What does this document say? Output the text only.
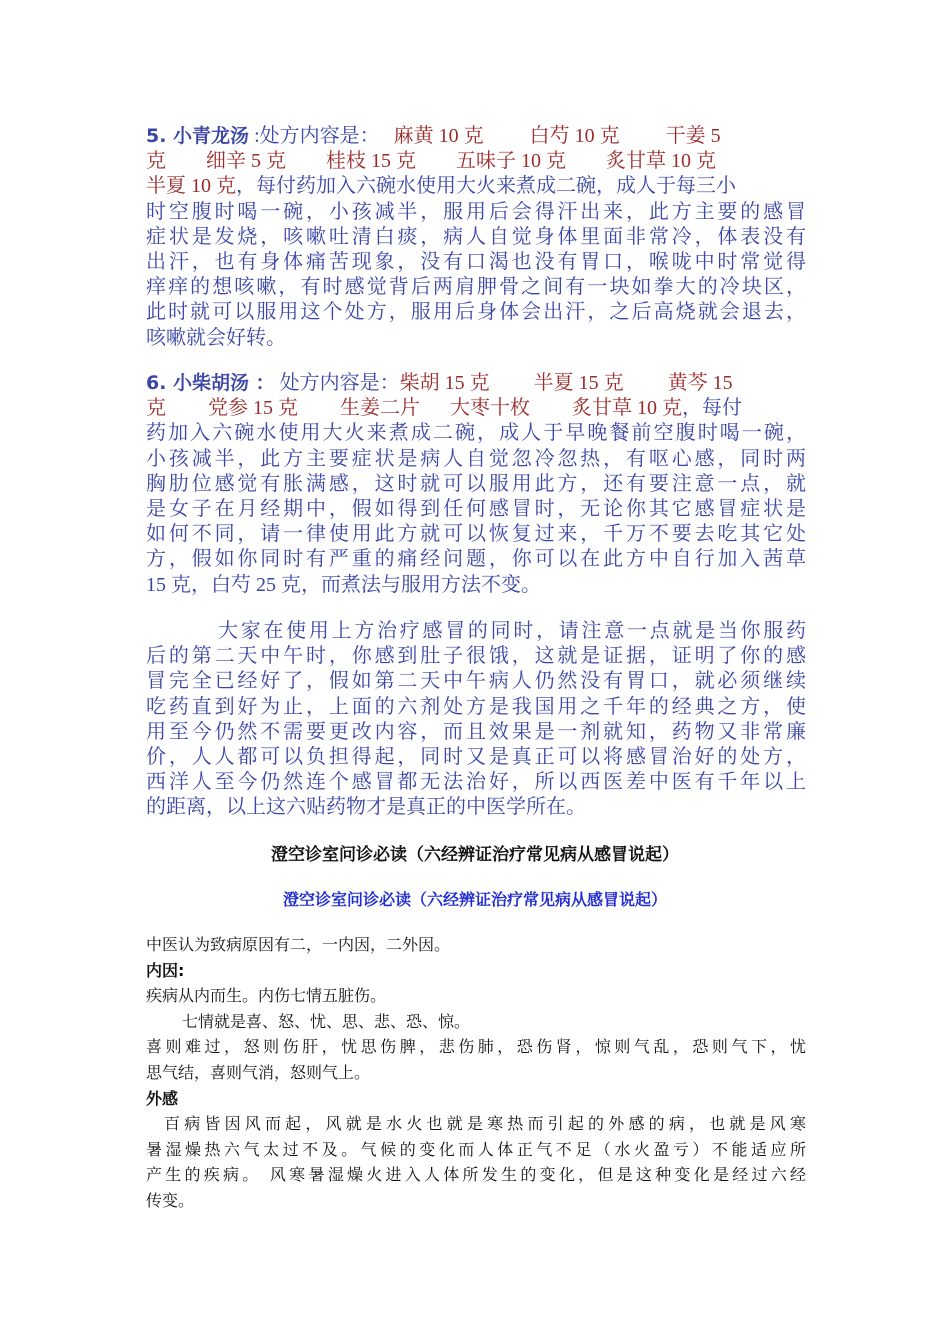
5. 小青龙汤 :处方内容是： 麻黄 10 克 白芍 10 克 干姜 5
克 细辛 5 克 桂枝 15 克 五味子 10 克 炙甘草 10 克
半夏 10 克，每付药加入六碗水使用大火来煮成二碗，成人于每三小
时空腹时喝一碗，小孩减半，服用后会得汗出来，此方主要的感冒
症状是发烧，咳嗽吐清白痰，病人自觉身体里面非常冷，体表没有
出汗，也有身体痛苦现象，没有口渴也没有胃口，喉咙中时常觉得
痒痒的想咳嗽，有时感觉背后两肩胛骨之间有一块如拳大的冷块区，
此时就可以服用这个处方，服用后身体会出汗，之后高烧就会退去，
咳嗽就会好转。
6. 小柴胡汤 ： 处方内容是：柴胡 15 克 半夏 15 克 黄芩 15
克 党参 15 克 生姜二片 大枣十枚 炙甘草 10 克，每付
药加入六碗水使用大火来煮成二碗，成人于早晚餐前空腹时喝一碗，
小孩减半，此方主要症状是病人自觉忽冷忽热，有呕心感，同时两
胸肋位感觉有胀满感，这时就可以服用此方，还有要注意一点，就
是女子在月经期中，假如得到任何感冒时，无论你其它感冒症状是
如何不同，请一律使用此方就可以恢复过来，千万不要去吃其它处
方，假如你同时有严重的痛经问题，你可以在此方中自行加入茜草
15 克，白芍 25 克，而煮法与服用方法不变。
大家在使用上方治疗感冒的同时，请注意一点就是当你服药
后的第二天中午时，你感到肚子很饿，这就是证据，证明了你的感
冒完全已经好了，假如第二天中午病人仍然没有胃口，就必须继续
吃药直到好为止，上面的六剂处方是我国用之千年的经典之方，使
用至今仍然不需要更改内容，而且效果是一剂就知，药物又非常廉
价，人人都可以负担得起，同时又是真正可以将感冒治好的处方，
西洋人至今仍然连个感冒都无法治好，所以西医差中医有千年以上
的距离，以上这六贴药物才是真正的中医学所在。
澄空诊室问诊必读（六经辨证治疗常见病从感冒说起）
澄空诊室问诊必读（六经辨证治疗常见病从感冒说起）
中医认为致病原因有二，一内因，二外因。
内因:
疾病从内而生。内伤七情五脏伤。
七情就是喜、怒、忧、思、悲、恐、惊。
喜则难过，怒则伤肝，忧思伤脾，悲伤肺，恐伤肾，惊则气乱，恐则气下，忧
思气结，喜则气消，怒则气上。
外感
百病皆因风而起，风就是水火也就是寒热而引起的外感的病，也就是风寒
暑湿燥热六气太过不及。气候的变化而人体正气不足（水火盈亏）不能适应所
产生的疾病。 风寒暑湿燥火进入人体所发生的变化，但是这种变化是经过六经
传变。
